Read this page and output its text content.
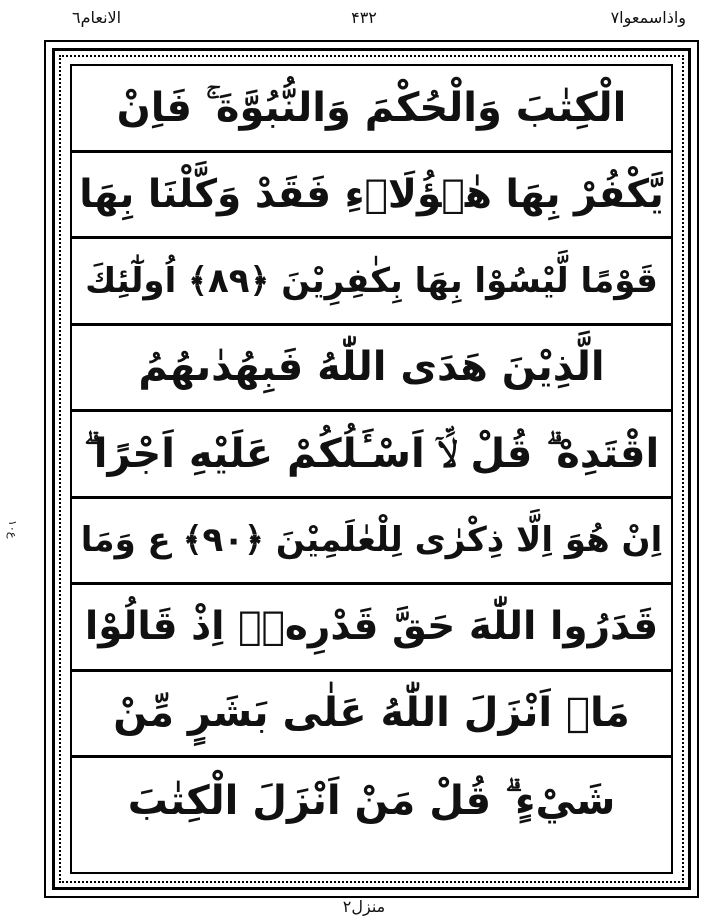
الانعام٦	۴۳۲	واذاسمعوا٧
ع١٠
الْكِتٰبَ وَالْحُكْمَ وَالنُّبُوَّةَ ۚ فَاِنْ
يَّكْفُرْ بِهَا هٰۤؤُلَاۤءِ فَقَدْ وَكَّلْنَا بِهَا
قَوْمًا لَّيْسُوْا بِهَا بِكٰفِرِيْنَ ﴿٨٩﴾ اُولٰٓئِكَ
الَّذِيْنَ هَدَى اللّٰهُ فَبِهُدٰىهُمُ
اقْتَدِهْ ۗ قُلْ لَّاۤ اَسْـَٔلُكُمْ عَلَيْهِ اَجْرًا ۗ
اِنْ هُوَ اِلَّا ذِكْرٰى لِلْعٰلَمِيْنَ ﴿٩٠﴾ ع وَمَا
قَدَرُوا اللّٰهَ حَقَّ قَدْرِهٖۤ اِذْ قَالُوْا
مَاۤ اَنْزَلَ اللّٰهُ عَلٰى بَشَرٍ مِّنْ
شَيْءٍ ۗ قُلْ مَنْ اَنْزَلَ الْكِتٰبَ
منزل٢
